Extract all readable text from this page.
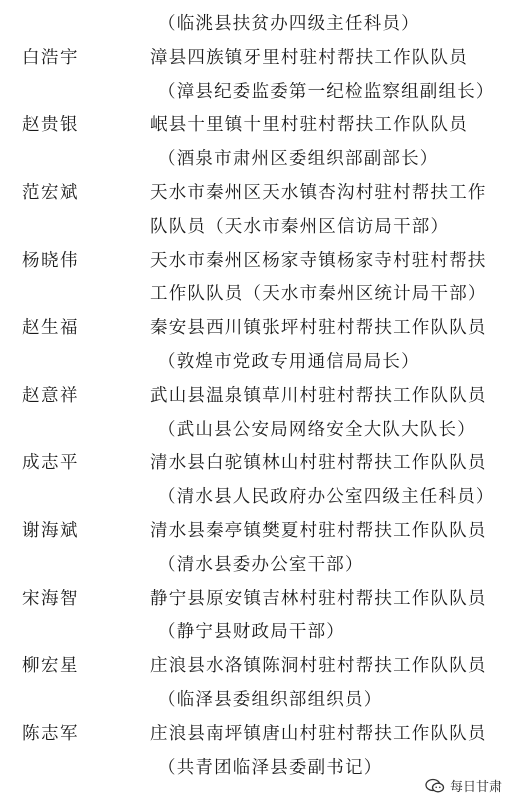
（临洮县扶贫办四级主任科员）
白浩宇	漳县四族镇牙里村驻村帮扶工作队队员
（漳县纪委监委第一纪检监察组副组长）
赵贵银	岷县十里镇十里村驻村帮扶工作队队员
（酒泉市肃州区委组织部副部长）
范宏斌	天水市秦州区天水镇杏沟村驻村帮扶工作
队队员（天水市秦州区信访局干部）
杨晓伟	天水市秦州区杨家寺镇杨家寺村驻村帮扶
工作队队员（天水市秦州区统计局干部）
赵生福	秦安县西川镇张坪村驻村帮扶工作队队员
（敦煌市党政专用通信局局长）
赵意祥	武山县温泉镇草川村驻村帮扶工作队队员
（武山县公安局网络安全大队大队长）
成志平	清水县白驼镇林山村驻村帮扶工作队队员
（清水县人民政府办公室四级主任科员）
谢海斌	清水县秦亭镇樊夏村驻村帮扶工作队队员
（清水县委办公室干部）
宋海智	静宁县原安镇吉林村驻村帮扶工作队队员
（静宁县财政局干部）
柳宏星	庄浪县水洛镇陈洞村驻村帮扶工作队队员
（临泽县委组织部组织员）
陈志军	庄浪县南坪镇唐山村驻村帮扶工作队队员
（共青团临泽县委副书记）
每日甘肃
